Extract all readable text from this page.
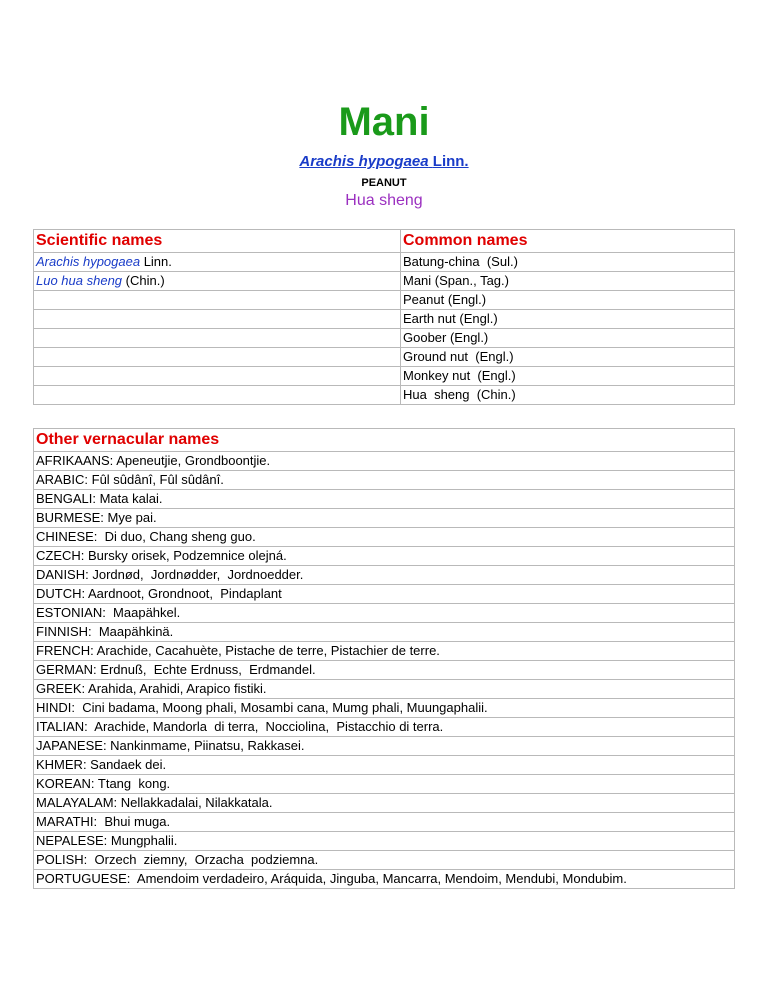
Mani
Arachis hypogaea Linn.
PEANUT
Hua sheng
Scientific names	Common names
Arachis hypogaea Linn.	Batung-china  (Sul.)
Luo hua sheng (Chin.)	Mani (Span., Tag.)
	Peanut (Engl.)
	Earth nut (Engl.)
	Goober (Engl.)
	Ground nut  (Engl.)
	Monkey nut  (Engl.)
	Hua  sheng  (Chin.)
Other vernacular names
AFRIKAANS: Apeneutjie, Grondboontjie.
ARABIC: Fûl sûdânî, Fûl sûdânî.
BENGALI: Mata kalai.
BURMESE: Mye pai.
CHINESE:  Di duo, Chang sheng guo.
CZECH: Bursky orisek, Podzemnice olejná.
DANISH: Jordnød,  Jordnødder,  Jordnoedder.
DUTCH: Aardnoot, Grondnoot,  Pindaplant
ESTONIAN:  Maapähkel.
FINNISH:  Maapähkinä.
FRENCH: Arachide, Cacahuète, Pistache de terre, Pistachier de terre.
GERMAN: Erdnuß,  Echte Erdnuss,  Erdmandel.
GREEK: Arahida, Arahidi, Arapico fistiki.
HINDI:  Cini badama, Moong phali, Mosambi cana, Mumg phali, Muungaphalii.
ITALIAN:  Arachide, Mandorla  di terra,  Nocciolina,  Pistacchio di terra.
JAPANESE: Nankinmame, Piinatsu, Rakkasei.
KHMER: Sandaek dei.
KOREAN: Ttang  kong.
MALAYALAM: Nellakkadalai, Nilakkatala.
MARATHI:  Bhui muga.
NEPALESE: Mungphalii.
POLISH:  Orzech  ziemny,  Orzacha  podziemna.
PORTUGUESE:  Amendoim verdadeiro, Aráquida, Jinguba, Mancarra, Mendoim, Mendubi, Mondubim.
